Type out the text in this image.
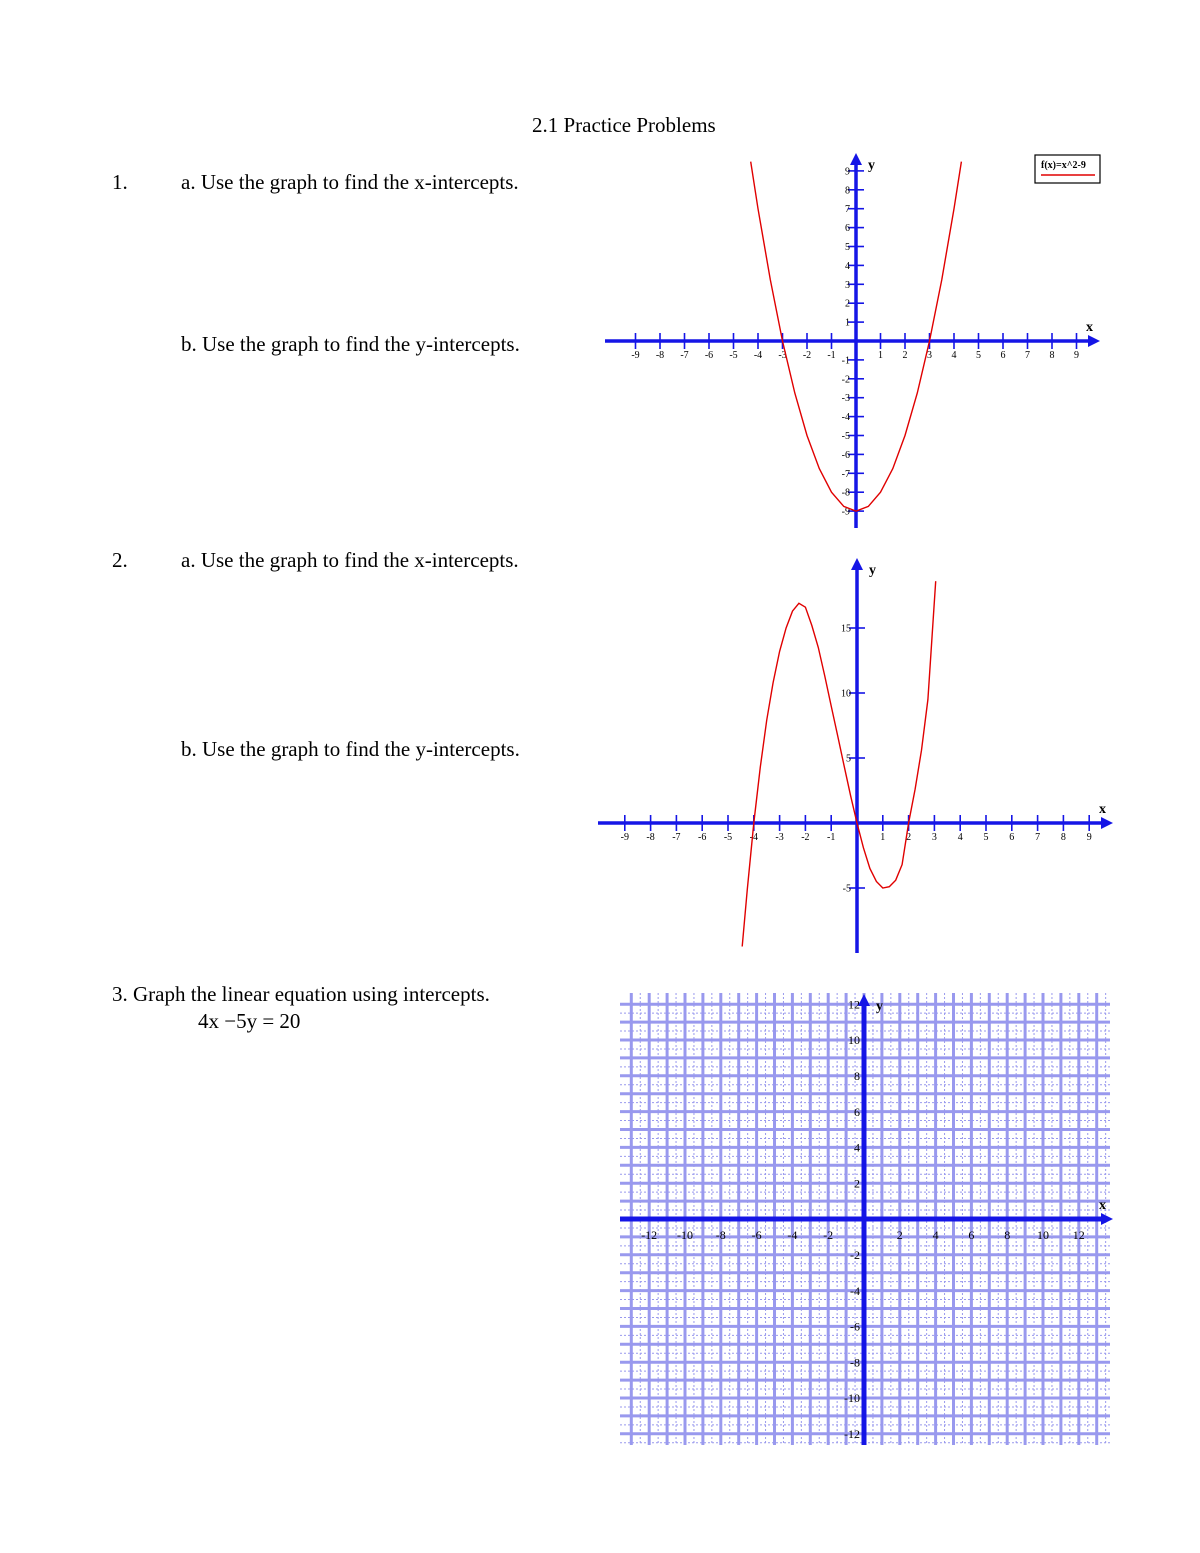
2.1 Practice Problems
1.	a. Use the graph to find the x-intercepts.
b. Use the graph to find the y-intercepts.
2.	a. Use the graph to find the x-intercepts.
b. Use the graph to find the y-intercepts.
3. Graph the linear equation using intercepts.
4x −5y = 20
x
y
-9 -8 -7 -6 -5 -4 -3 -2 -1	1 2 3 4 5 6 7 8 9
-9
-8
-7
-6
-5
-4
-3
-2
-1
1
2
3
4
5
6
7
8
9
f(x)=x^2-9
x
y
-9 -8 -7 -6 -5 -4 -3 -2 -1	1 2 3 4 5 6 7 8 9
-5
5
10
15
x
y
-12 -10 -8 -6 -4 -2	2 4 6 8 10 12
-12
-10
-8
-6
-4
-2
2
4
6
8
10
12
